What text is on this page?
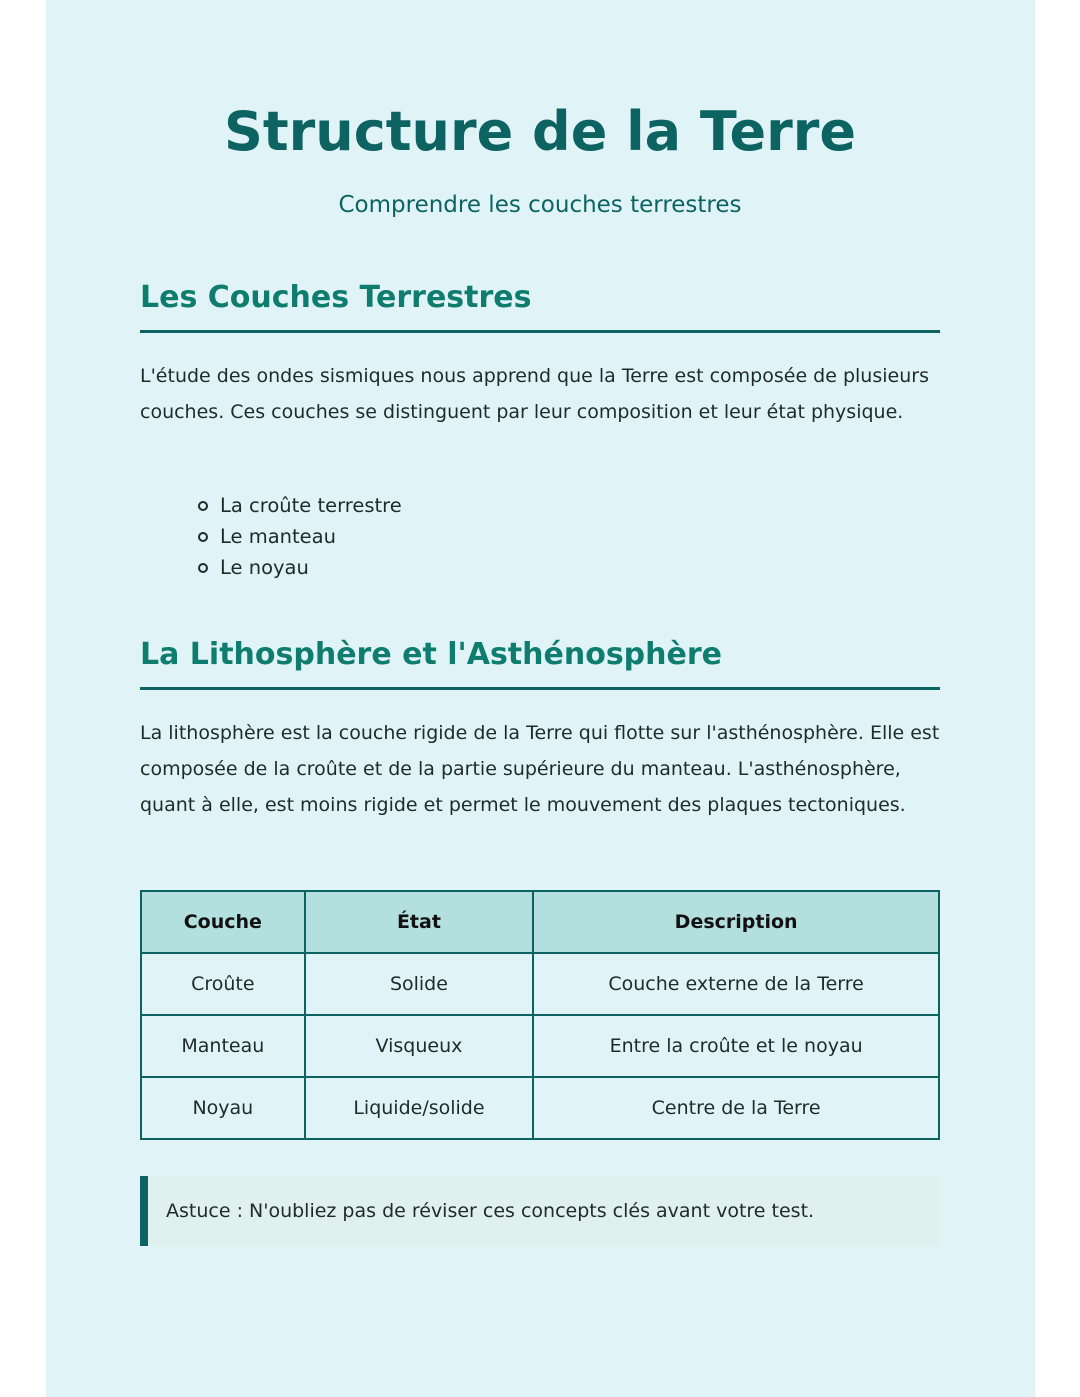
Structure de la Terre
Comprendre les couches terrestres
Les Couches Terrestres

L'étude des ondes sismiques nous apprend que la Terre est composée de plusieurs couches. Ces couches se distinguent par leur composition et leur état physique.

La croûte terrestre
Le manteau
Le noyau
La Lithosphère et l'Asthénosphère

La lithosphère est la couche rigide de la Terre qui flotte sur l'asthénosphère. Elle est composée de la croûte et de la partie supérieure du manteau. L'asthénosphère, quant à elle, est moins rigide et permet le mouvement des plaques tectoniques.

Couche	État	Description
Croûte	Solide	Couche externe de la Terre
Manteau	Visqueux	Entre la croûte et le noyau
Noyau	Liquide/solide	Centre de la Terre
Astuce : N'oubliez pas de réviser ces concepts clés avant votre test.
